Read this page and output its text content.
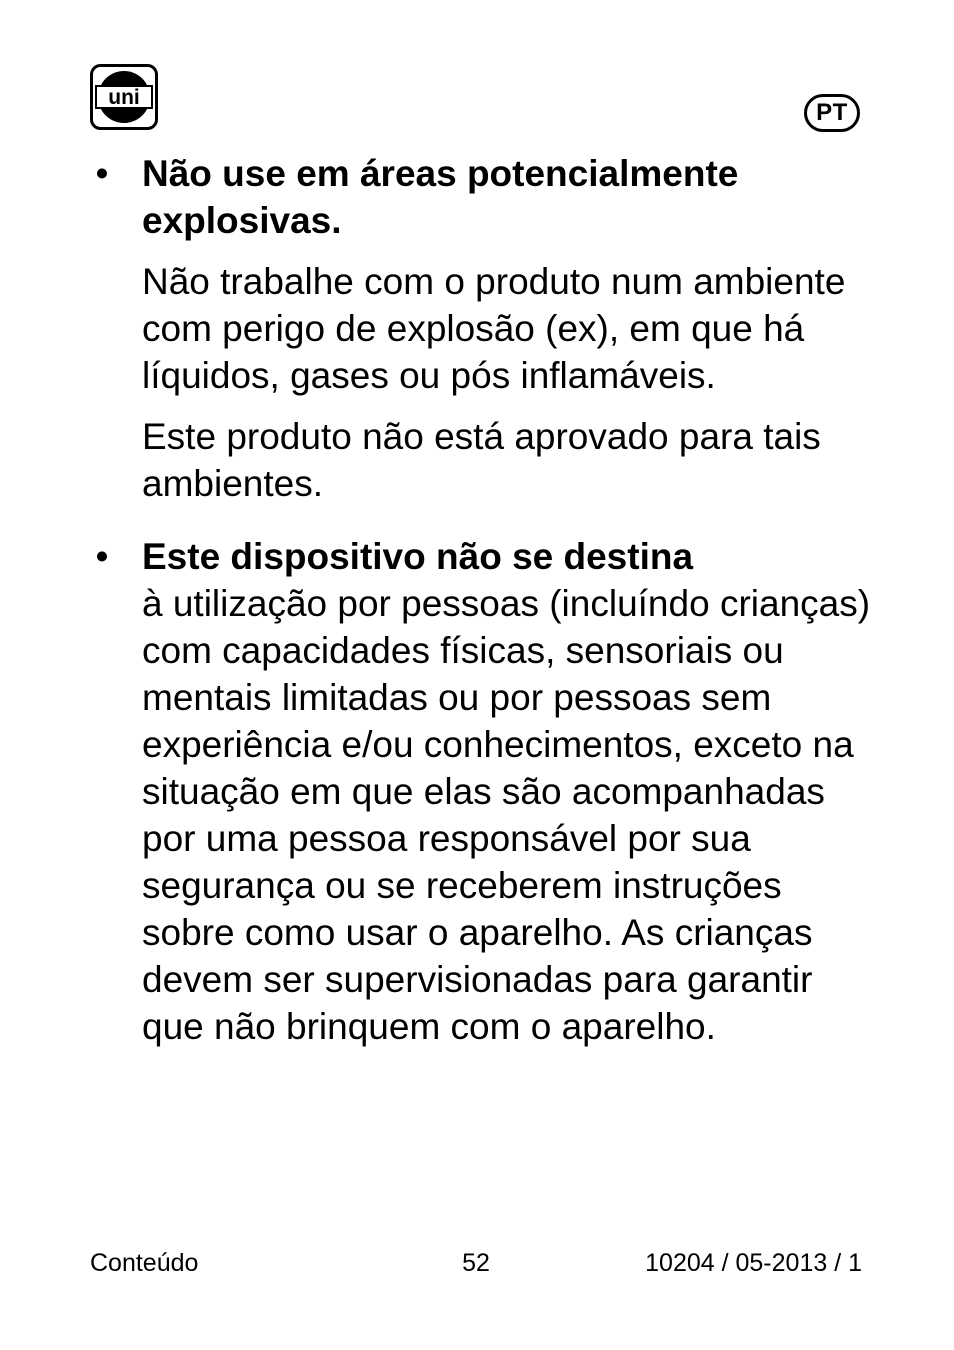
uni
PT
• Não use em áreas potencialmente explosivas.

Não trabalhe com o produto num ambiente com perigo de explosão (ex), em que há líquidos, gases ou pós inflamáveis.

Este produto não está aprovado para tais ambientes.

• Este dispositivo não se destina

à utilização por pessoas (incluíndo crianças) com capacidades físicas, sensoriais ou mentais limitadas ou por pessoas sem experiência e/ou conhecimentos, exceto na situação em que elas são acompanhadas por uma pessoa responsável por sua segurança ou se receberem instruções sobre como usar o aparelho. As crianças devem ser supervisionadas para garantir que não brinquem com o aparelho.

Conteúdo	52	10204 / 05-2013 / 1
